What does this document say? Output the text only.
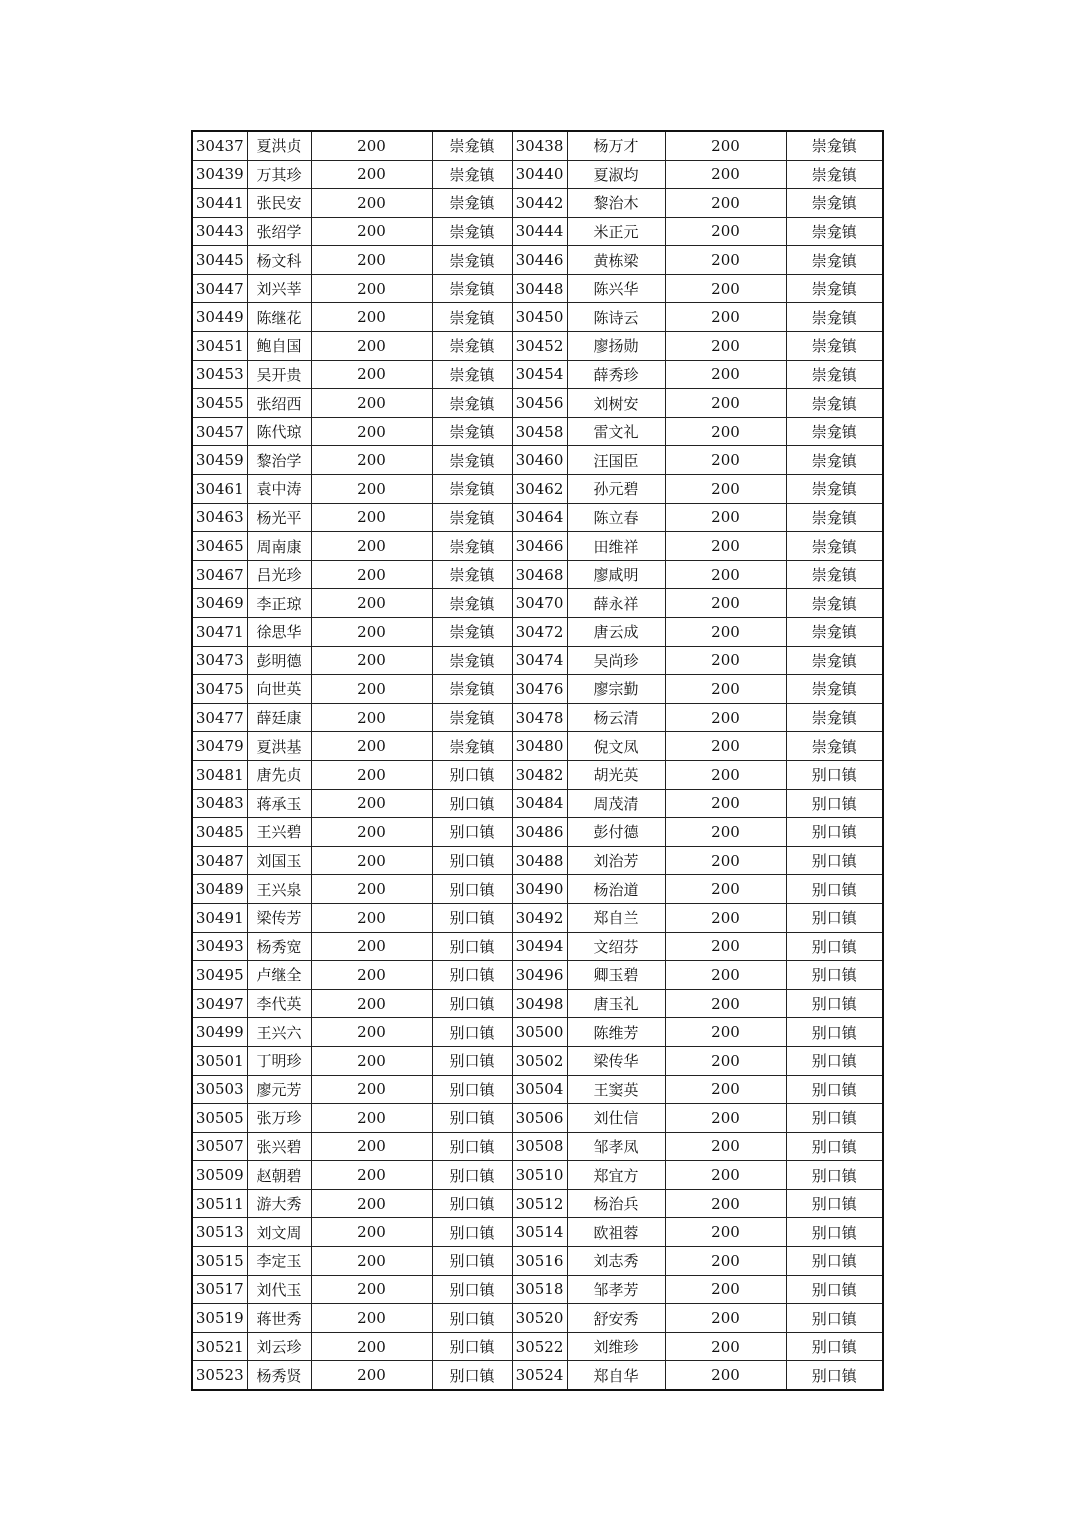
30437	夏洪贞	200	崇龛镇	30438	杨万才	200	崇龛镇
30439	万其珍	200	崇龛镇	30440	夏淑均	200	崇龛镇
30441	张民安	200	崇龛镇	30442	黎治木	200	崇龛镇
30443	张绍学	200	崇龛镇	30444	米正元	200	崇龛镇
30445	杨文科	200	崇龛镇	30446	黄栋梁	200	崇龛镇
30447	刘兴莘	200	崇龛镇	30448	陈兴华	200	崇龛镇
30449	陈继花	200	崇龛镇	30450	陈诗云	200	崇龛镇
30451	鲍自国	200	崇龛镇	30452	廖扬勋	200	崇龛镇
30453	吴开贵	200	崇龛镇	30454	薛秀珍	200	崇龛镇
30455	张绍西	200	崇龛镇	30456	刘树安	200	崇龛镇
30457	陈代琼	200	崇龛镇	30458	雷文礼	200	崇龛镇
30459	黎治学	200	崇龛镇	30460	汪国臣	200	崇龛镇
30461	袁中涛	200	崇龛镇	30462	孙元碧	200	崇龛镇
30463	杨光平	200	崇龛镇	30464	陈立春	200	崇龛镇
30465	周南康	200	崇龛镇	30466	田维祥	200	崇龛镇
30467	吕光珍	200	崇龛镇	30468	廖咸明	200	崇龛镇
30469	李正琼	200	崇龛镇	30470	薛永祥	200	崇龛镇
30471	徐思华	200	崇龛镇	30472	唐云成	200	崇龛镇
30473	彭明德	200	崇龛镇	30474	吴尚珍	200	崇龛镇
30475	向世英	200	崇龛镇	30476	廖宗勤	200	崇龛镇
30477	薛廷康	200	崇龛镇	30478	杨云清	200	崇龛镇
30479	夏洪基	200	崇龛镇	30480	倪文凤	200	崇龛镇
30481	唐先贞	200	别口镇	30482	胡光英	200	别口镇
30483	蒋承玉	200	别口镇	30484	周茂清	200	别口镇
30485	王兴碧	200	别口镇	30486	彭付德	200	别口镇
30487	刘国玉	200	别口镇	30488	刘治芳	200	别口镇
30489	王兴泉	200	别口镇	30490	杨治道	200	别口镇
30491	梁传芳	200	别口镇	30492	郑自兰	200	别口镇
30493	杨秀宽	200	别口镇	30494	文绍芬	200	别口镇
30495	卢继全	200	别口镇	30496	卿玉碧	200	别口镇
30497	李代英	200	别口镇	30498	唐玉礼	200	别口镇
30499	王兴六	200	别口镇	30500	陈维芳	200	别口镇
30501	丁明珍	200	别口镇	30502	梁传华	200	别口镇
30503	廖元芳	200	别口镇	30504	王窦英	200	别口镇
30505	张万珍	200	别口镇	30506	刘仕信	200	别口镇
30507	张兴碧	200	别口镇	30508	邹孝凤	200	别口镇
30509	赵朝碧	200	别口镇	30510	郑宜方	200	别口镇
30511	游大秀	200	别口镇	30512	杨治兵	200	别口镇
30513	刘文周	200	别口镇	30514	欧祖蓉	200	别口镇
30515	李定玉	200	别口镇	30516	刘志秀	200	别口镇
30517	刘代玉	200	别口镇	30518	邹孝芳	200	别口镇
30519	蒋世秀	200	别口镇	30520	舒安秀	200	别口镇
30521	刘云珍	200	别口镇	30522	刘维珍	200	别口镇
30523	杨秀贤	200	别口镇	30524	郑自华	200	别口镇
